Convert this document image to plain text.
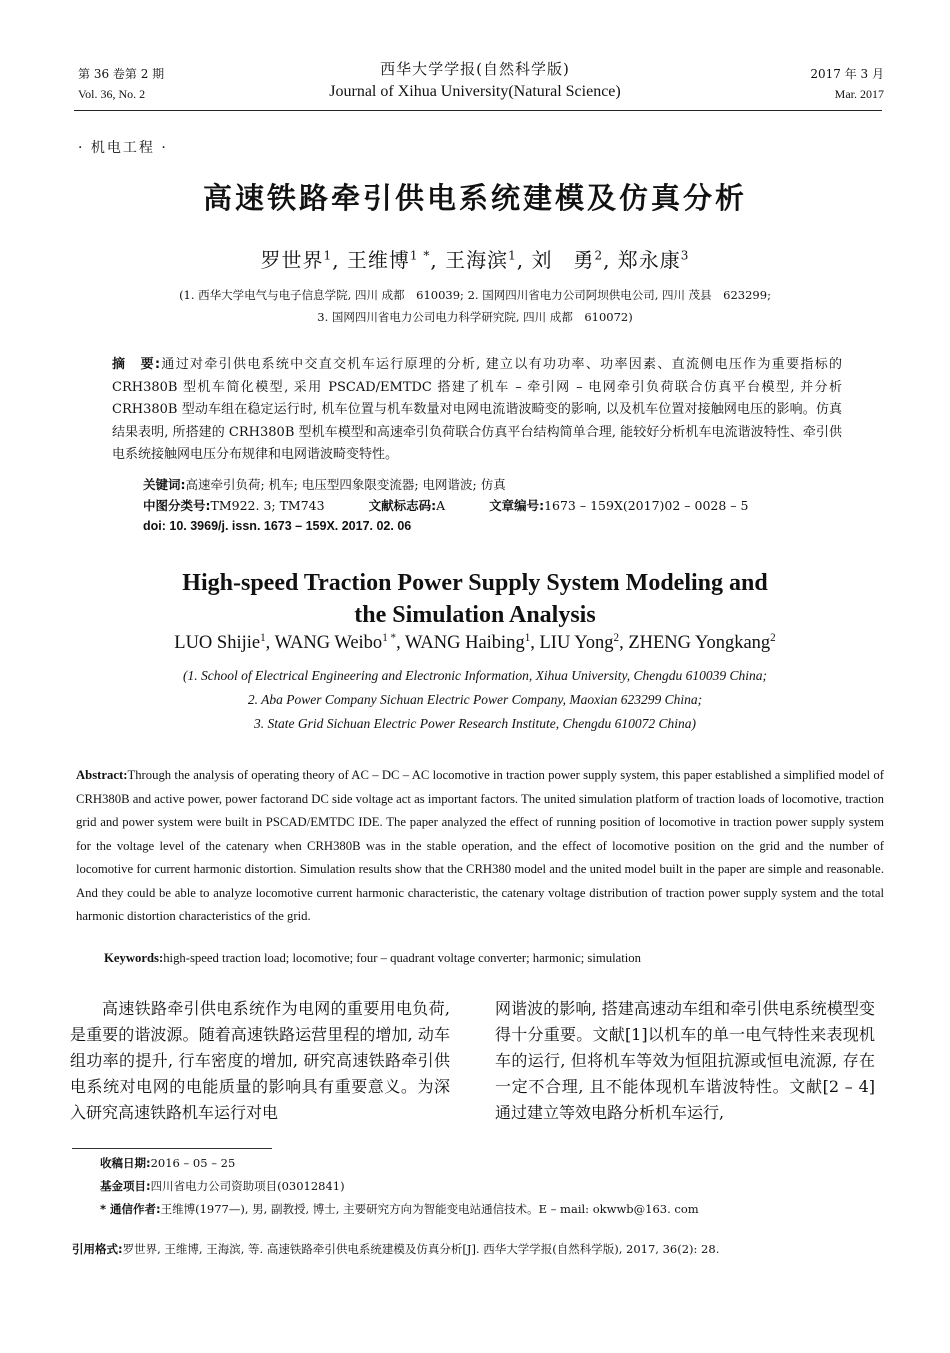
第 36 卷第 2 期
Vol. 36, No. 2
西华大学学报(自然科学版)
Journal of Xihua University(Natural Science)
2017 年 3 月
Mar. 2017
· 机电工程 ·
高速铁路牵引供电系统建模及仿真分析
罗世界$^1$, 王维博$^{1 *}$, 王海滨$^1$, 刘　勇$^2$, 郑永康$^3$
(1. 西华大学电气与电子信息学院, 四川 成都　610039; 2. 国网四川省电力公司阿坝供电公司, 四川 茂县　623299;
3. 国网四川省电力公司电力科学研究院, 四川 成都　610072)
摘　要:通过对牵引供电系统中交直交机车运行原理的分析, 建立以有功功率、功率因素、直流侧电压作为重要指标的 CRH380B 型机车简化模型, 采用 PSCAD/EMTDC 搭建了机车 – 牵引网 – 电网牵引负荷联合仿真平台模型, 并分析 CRH380B 型动车组在稳定运行时, 机车位置与机车数量对电网电流谐波畸变的影响, 以及机车位置对接触网电压的影响。仿真结果表明, 所搭建的 CRH380B 型机车模型和高速牵引负荷联合仿真平台结构简单合理, 能较好分析机车电流谐波特性、牵引供电系统接触网电压分布规律和电网谐波畸变特性。
关键词:高速牵引负荷; 机车; 电压型四象限变流器; 电网谐波; 仿真
中图分类号:TM922. 3; TM743	文献标志码:A	文章编号:1673 – 159X(2017)02 – 0028 – 5
doi: 10. 3969/j. issn. 1673 – 159X. 2017. 02. 06
High-speed Traction Power Supply System Modeling and
the Simulation Analysis
LUO Shijie$^1$, WANG Weibo$^{1 *}$, WANG Haibing$^1$, LIU Yong$^2$, ZHENG Yongkang$^2$
(1. School of Electrical Engineering and Electronic Information, Xihua University, Chengdu 610039 China;
2. Aba Power Company Sichuan Electric Power Company, Maoxian 623299 China;
3. State Grid Sichuan Electric Power Research Institute, Chengdu 610072 China)
Abstract:Through the analysis of operating theory of AC – DC – AC locomotive in traction power supply system, this paper established a simplified model of CRH380B and active power, power factorand DC side voltage act as important factors. The united simulation platform of traction loads of locomotive, traction grid and power system were built in PSCAD/EMTDC IDE. The paper analyzed the effect of running position of locomotive in traction power supply system for the voltage level of the catenary when CRH380B was in the stable operation, and the effect of locomotive position on the grid and the number of locomotive for current harmonic distortion. Simulation results show that the CRH380 model and the united model built in the paper are simple and reasonable. And they could be able to analyze locomotive current harmonic characteristic, the catenary voltage distribution of traction power supply system and the total harmonic distortion characteristics of the grid.
Keywords:high-speed traction load; locomotive; four – quadrant voltage converter; harmonic; simulation
高速铁路牵引供电系统作为电网的重要用电负荷, 是重要的谐波源。随着高速铁路运营里程的增加, 动车组功率的提升, 行车密度的增加, 研究高速铁路牵引供电系统对电网的电能质量的影响具有重要意义。为深入研究高速铁路机车运行对电
网谐波的影响, 搭建高速动车组和牵引供电系统模型变得十分重要。文献[1]以机车的单一电气特性来表现机车的运行, 但将机车等效为恒阻抗源或恒电流源, 存在一定不合理, 且不能体现机车谐波特性。文献[2 – 4]通过建立等效电路分析机车运行,
收稿日期:2016 – 05 – 25
基金项目:四川省电力公司资助项目(03012841)
* 通信作者:王维博(1977—), 男, 副教授, 博士, 主要研究方向为智能变电站通信技术。E – mail: okwwb@163. com
引用格式:罗世界, 王维博, 王海滨, 等. 高速铁路牵引供电系统建模及仿真分析[J]. 西华大学学报(自然科学版), 2017, 36(2): 28.
